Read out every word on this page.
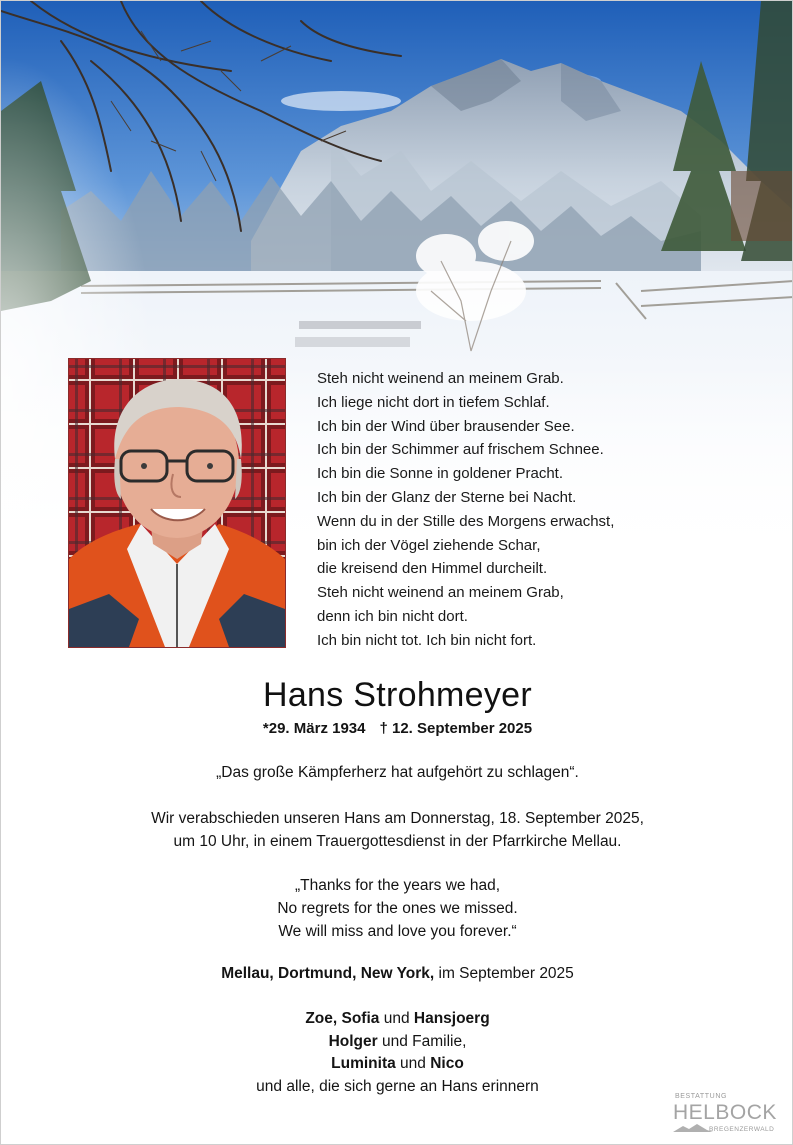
Steh nicht weinend an meinem Grab.
Ich liege nicht dort in tiefem Schlaf.
Ich bin der Wind über brausender See.
Ich bin der Schimmer auf frischem Schnee.
Ich bin die Sonne in goldener Pracht.
Ich bin der Glanz der Sterne bei Nacht.
Wenn du in der Stille des Morgens erwachst,
bin ich der Vögel ziehende Schar,
die kreisend den Himmel durcheilt.
Steh nicht weinend an meinem Grab,
denn ich bin nicht dort.
Ich bin nicht tot. Ich bin nicht fort.
Hans Strohmeyer
*29. März 1934 † 12. September 2025
„Das große Kämpferherz hat aufgehört zu schlagen“.
Wir verabschieden unseren Hans am Donnerstag, 18. September 2025,
um 10 Uhr, in einem Trauergottesdienst in der Pfarrkirche Mellau.
„Thanks for the years we had,
No regrets for the ones we missed.
We will miss and love you forever.“
Mellau, Dortmund, New York, im September 2025
Zoe, Sofia und Hansjoerg
Holger und Familie,
Luminita und Nico
und alle, die sich gerne an Hans erinnern
BESTATTUNG
HELBOCK
BREGENZERWALD
